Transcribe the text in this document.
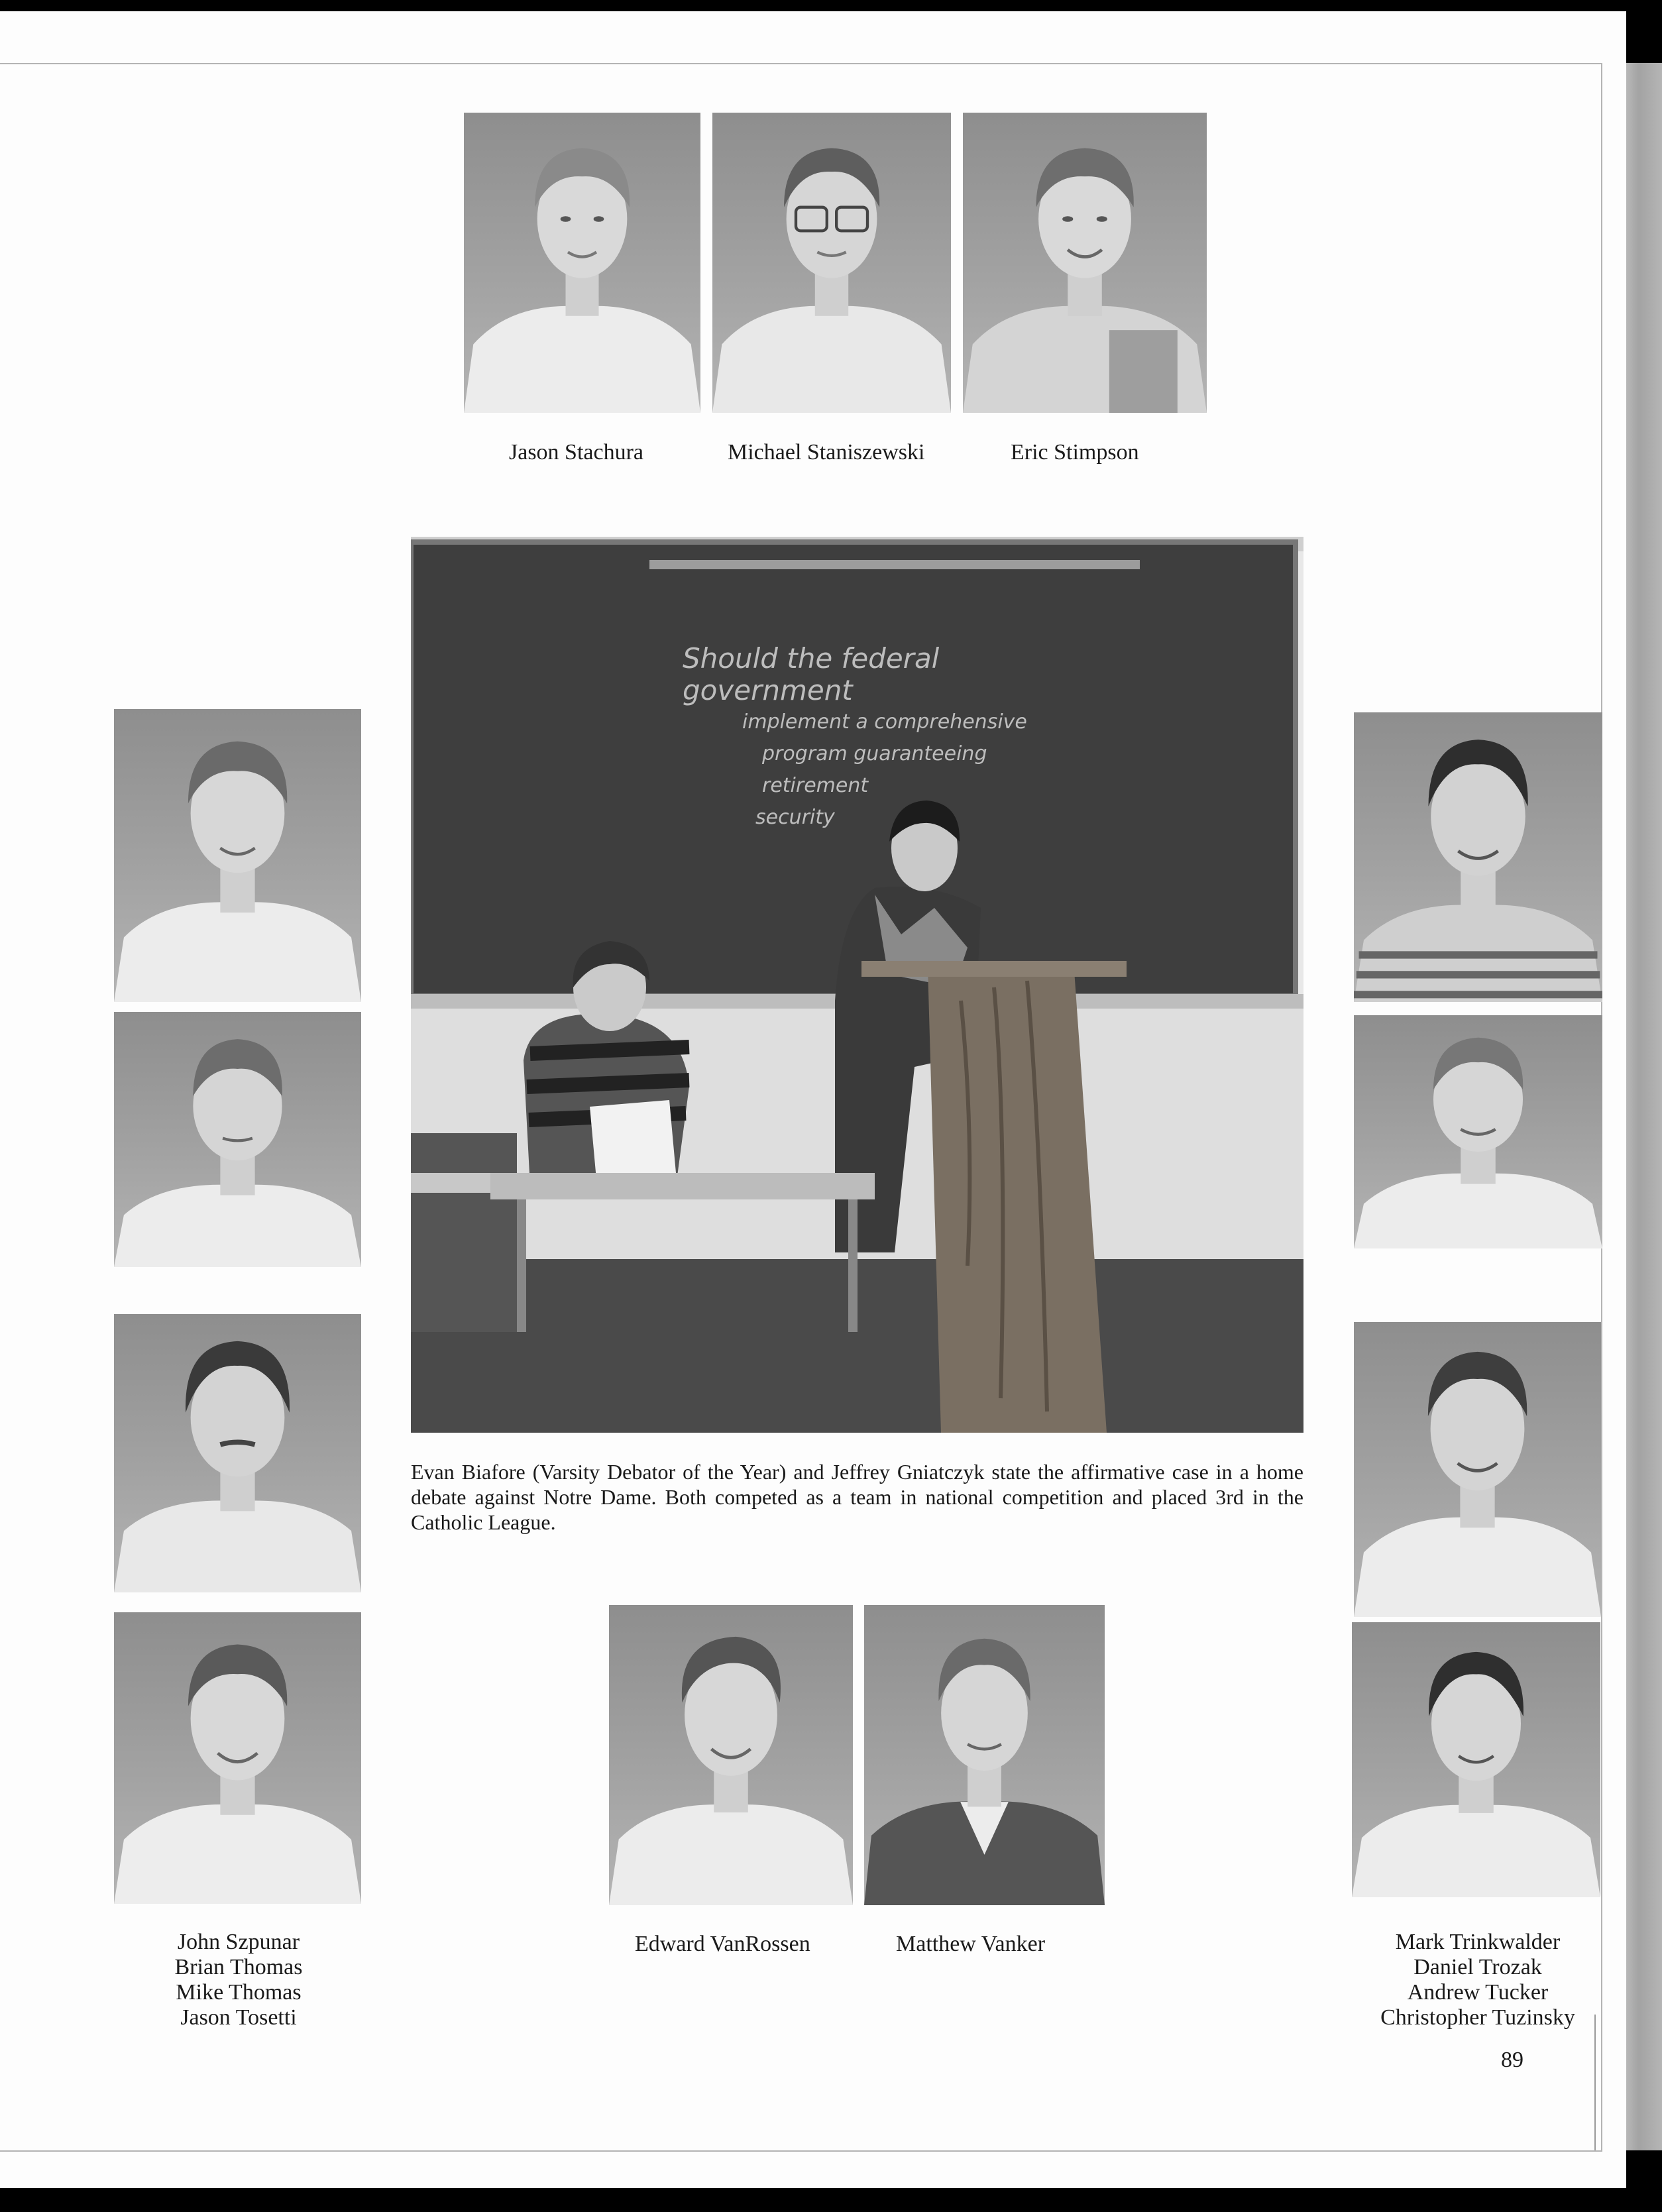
Jason Stachura	Michael Staniszewski	Eric Stimpson
Should the federal government
implement a comprehensive
program guaranteeing retirement
security
Evan Biafore (Varsity Debator of the Year) and Jeffrey Gniatczyk state the affirmative case in a home debate against Notre Dame. Both competed as a team in national competition and placed 3rd in the Catholic League.
John Szpunar
Brian Thomas
Mike Thomas
Jason Tosetti
Edward VanRossen	Matthew Vanker	Mark Trinkwalder
Daniel Trozak
Andrew Tucker
Christopher Tuzinsky
89
